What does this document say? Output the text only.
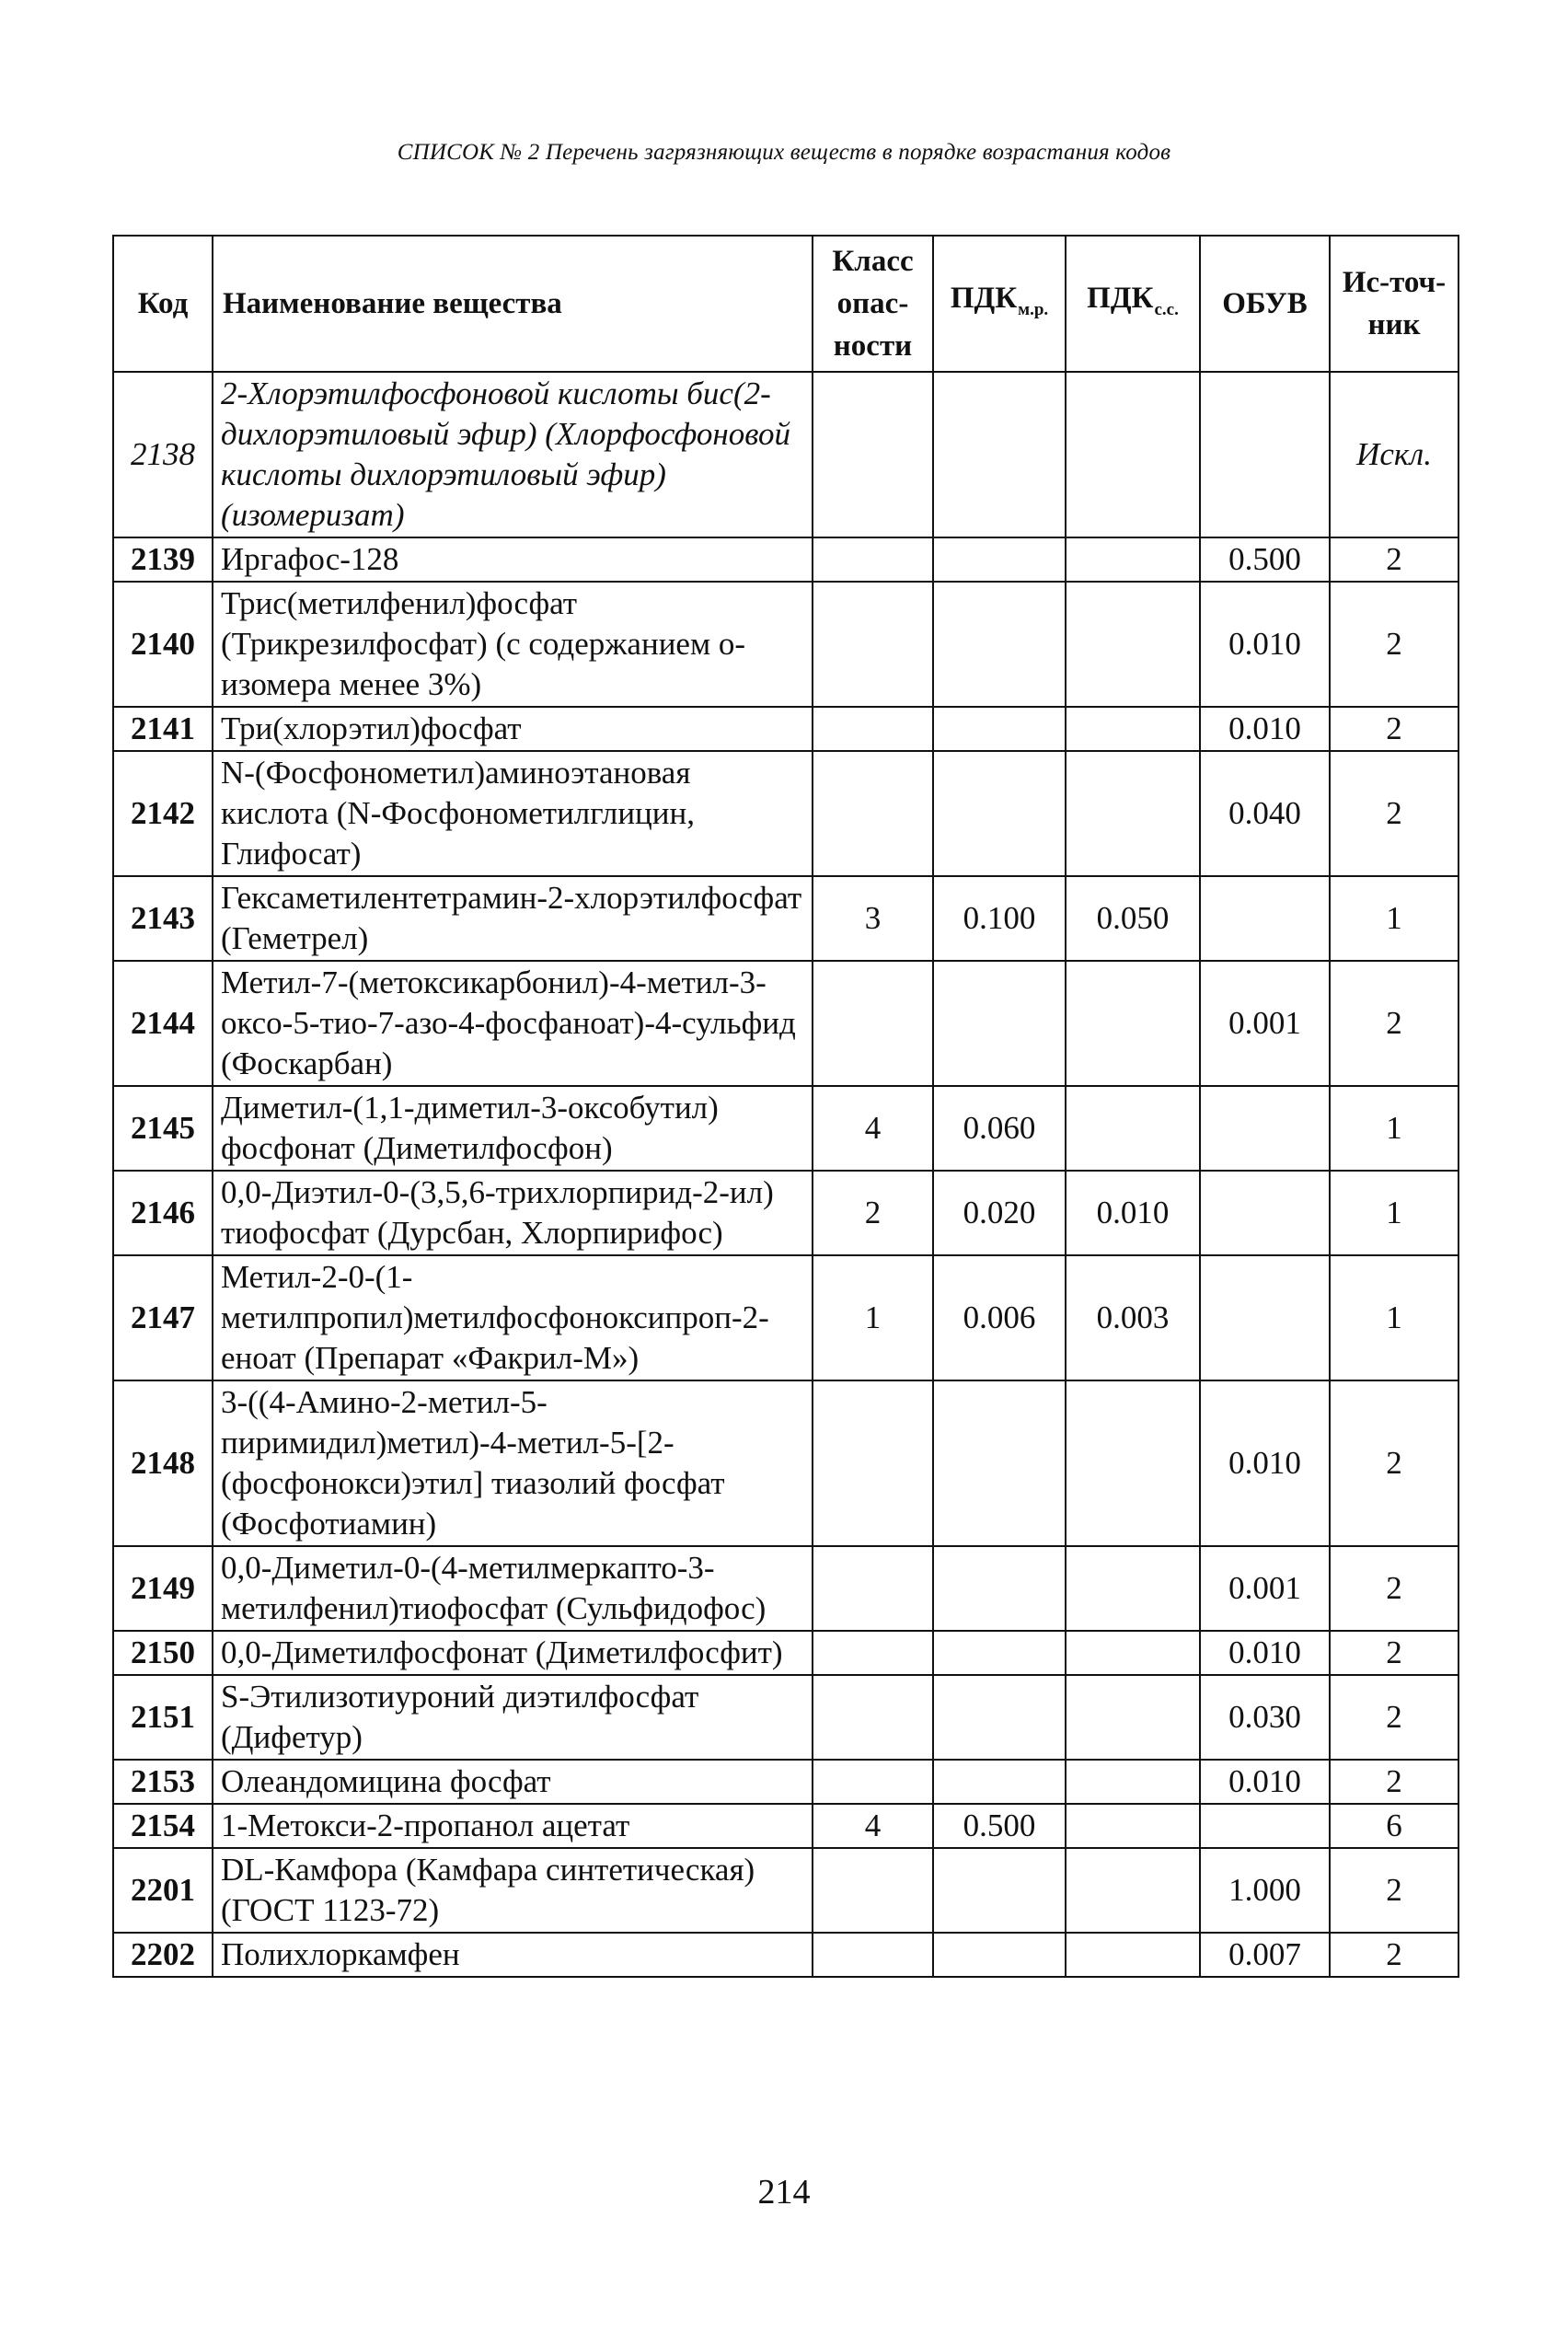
СПИСОК № 2 Перечень загрязняющих веществ в порядке возрастания кодов
Код	Наименование вещества	Класс опас-ности	$ПДК_{м.р.}$	$ПДК_{с.с.}$	ОБУВ	Ис-точ-ник
2138	2-Хлорэтилфосфоновой кислоты бис(2-дихлорэтиловый эфир) (Хлорфосфоновой кислоты дихлорэтиловый эфир) (изомеризат)					Искл.
2139	Иргафос-128				0.500	2
2140	Трис(метилфенил)фосфат (Трикрезилфосфат) (с содержанием о-изомера менее 3%)				0.010	2
2141	Три(хлорэтил)фосфат				0.010	2
2142	N-(Фосфонометил)аминоэтановая кислота (N-Фосфонометилглицин, Глифосат)				0.040	2
2143	Гексаметилентетрамин-2-хлорэтилфосфат (Геметрел)	3	0.100	0.050		1
2144	Метил-7-(метоксикарбонил)-4-метил-3-оксо-5-тио-7-азо-4-фосфаноат)-4-сульфид (Фоскарбан)				0.001	2
2145	Диметил-(1,1-диметил-3-оксобутил) фосфонат (Диметилфосфон)	4	0.060			1
2146	0,0-Диэтил-0-(3,5,6-трихлорпирид-2-ил) тиофосфат (Дурсбан, Хлорпирифос)	2	0.020	0.010		1
2147	Метил-2-0-(1-метилпропил)метилфосфоноксипроп-2-еноат (Препарат «Факрил-М»)	1	0.006	0.003		1
2148	3-((4-Амино-2-метил-5-пиримидил)метил)-4-метил-5-[2-(фосфонокси)этил] тиазолий фосфат (Фосфотиамин)				0.010	2
2149	0,0-Диметил-0-(4-метилмеркапто-3-метилфенил)тиофосфат (Сульфидофос)				0.001	2
2150	0,0-Диметилфосфонат (Диметилфосфит)				0.010	2
2151	S-Этилизотиуроний диэтилфосфат (Дифетур)				0.030	2
2153	Олеандомицина фосфат				0.010	2
2154	1-Метокси-2-пропанол ацетат	4	0.500			6
2201	DL-Камфора (Камфара синтетическая) (ГОСТ 1123-72)				1.000	2
2202	Полихлоркамфен				0.007	2
214
